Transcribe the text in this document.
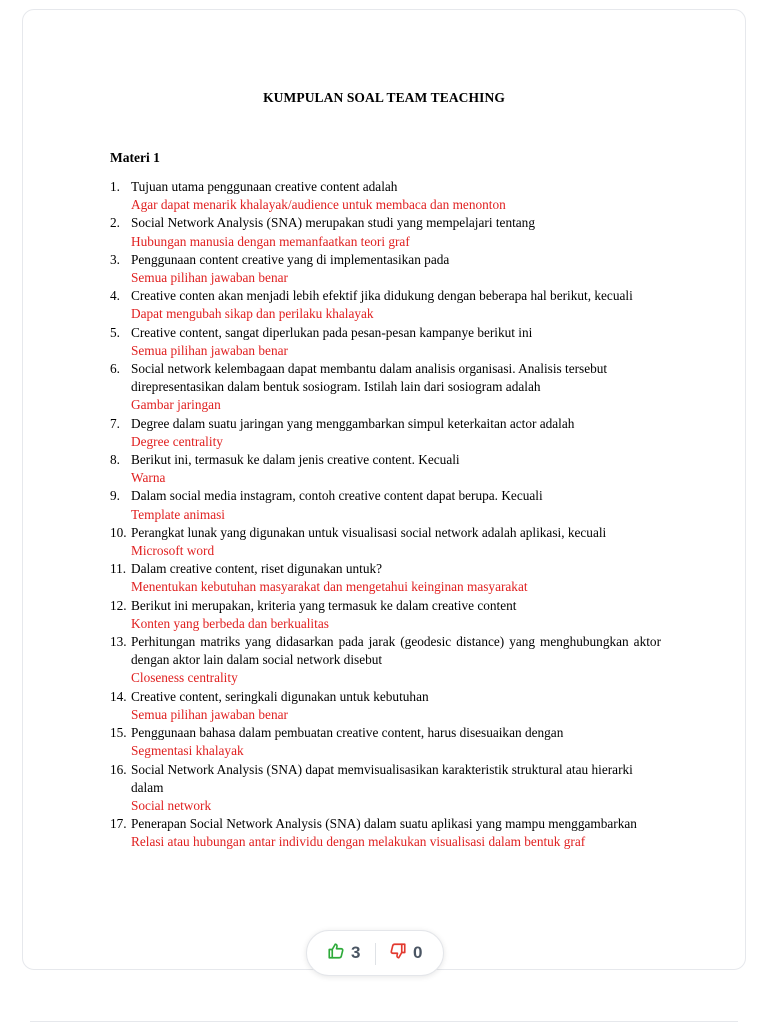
KUMPULAN SOAL TEAM TEACHING
Materi 1
1. Tujuan utama penggunaan creative content adalah
Agar dapat menarik khalayak/audience untuk membaca dan menonton
2. Social Network Analysis (SNA) merupakan studi yang mempelajari tentang
Hubungan manusia dengan memanfaatkan teori graf
3. Penggunaan content creative yang di implementasikan pada
Semua pilihan jawaban benar
4. Creative conten akan menjadi lebih efektif jika didukung dengan beberapa hal berikut, kecuali
Dapat mengubah sikap dan perilaku khalayak
5. Creative content, sangat diperlukan pada pesan-pesan kampanye berikut ini
Semua pilihan jawaban benar
6. Social network kelembagaan dapat membantu dalam analisis organisasi. Analisis tersebut direpresentasikan dalam bentuk sosiogram. Istilah lain dari sosiogram adalah
Gambar jaringan
7. Degree dalam suatu jaringan yang menggambarkan simpul keterkaitan actor adalah
Degree centrality
8. Berikut ini, termasuk ke dalam jenis creative content. Kecuali
Warna
9. Dalam social media instagram, contoh creative content dapat berupa. Kecuali
Template animasi
10. Perangkat lunak yang digunakan untuk visualisasi social network adalah aplikasi, kecuali
Microsoft word
11. Dalam creative content, riset digunakan untuk?
Menentukan kebutuhan masyarakat dan mengetahui keinginan masyarakat
12. Berikut ini merupakan, kriteria yang termasuk ke dalam creative content
Konten yang berbeda dan berkualitas
13. Perhitungan matriks yang didasarkan pada jarak (geodesic distance) yang menghubungkan aktor dengan aktor lain dalam social network disebut
Closeness centrality
14. Creative content, seringkali digunakan untuk kebutuhan
Semua pilihan jawaban benar
15. Penggunaan bahasa dalam pembuatan creative content, harus disesuaikan dengan
Segmentasi khalayak
16. Social Network Analysis (SNA) dapat memvisualisasikan karakteristik struktural atau hierarki dalam
Social network
17. Penerapan Social Network Analysis (SNA) dalam suatu aplikasi yang mampu menggambarkan
Relasi atau hubungan antar individu dengan melakukan visualisasi dalam bentuk graf
3	0
